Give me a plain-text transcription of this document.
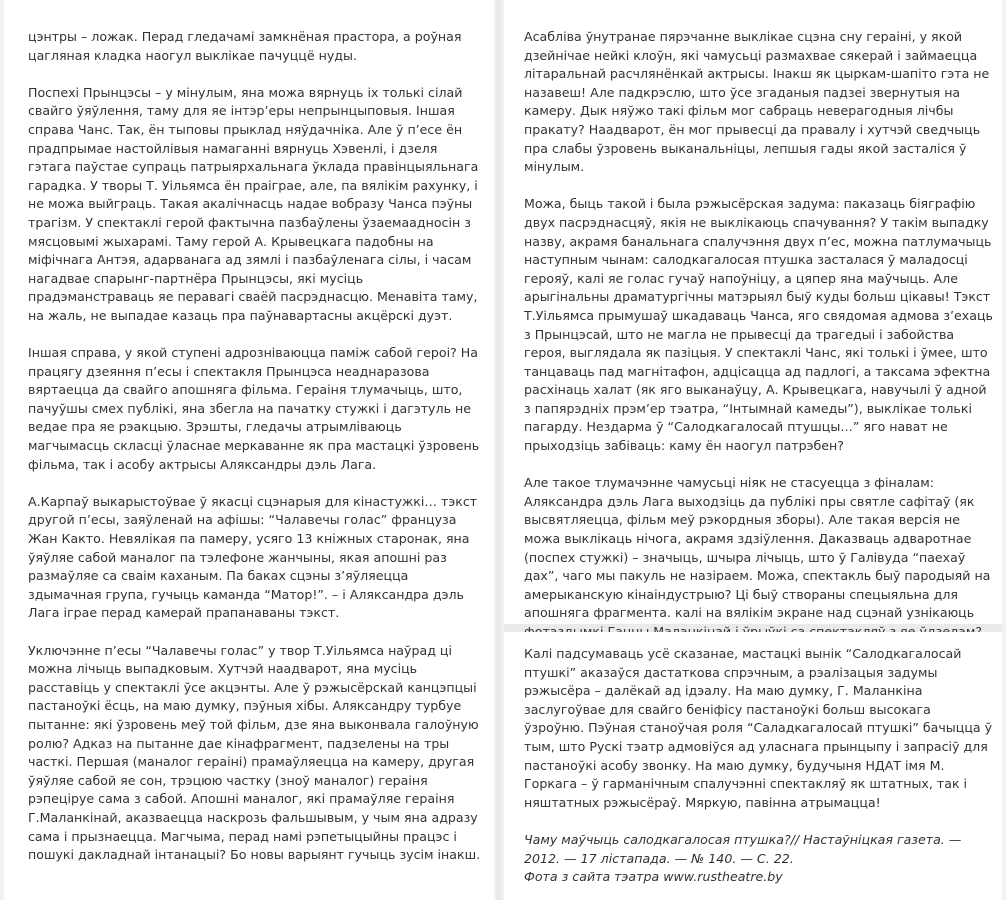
цэнтры – ложак. Перад гледачамі замкнёная прастора, а роўная цагляная кладка наогул выклікае пачуццё нуды.

Поспехі Прынцэсы – у мінулым, яна можа вярнуць іх толькі сілай свайго ўяўлення, таму для яе інтэр’еры непрынцыповыя. Іншая справа Чанс. Так, ён тыповы прыклад няўдачніка. Але ў п’есе ён прадпрымае настойлівыя намаганні вярнуць Хэвенлі, і дзеля гэтага паўстае супраць патрыярхальнага ўклада правінцыяльнага гарадка. У творы Т. Уільямса ён праіграе, але, па вялікім рахунку, і не можа выйграць. Такая акалічнасць надае вобразу Чанса пэўны трагізм. У спектаклі герой фактычна пазбаўлены ўзаемаадносін з мясцовымі жыхарамі. Таму герой А. Крывецкага падобны на міфічнага Антэя, адарванага ад зямлі і пазбаўленага сілы, і часам нагадвае спарынг-партнёра Прынцэсы, які мусіць прадэманстраваць яе перавагі сваёй пасрэднасцю. Менавіта таму, на жаль, не выпадае казаць пра паўнавартасны акцёрскі дуэт.

Іншая справа, у якой ступені адрозніваюцца паміж сабой героі? На працягу дзеяння п’есы і спектакля Прынцэса неаднаразова вяртаецца да свайго апошняга фільма. Гераіня тлумачыць, што, пачуўшы смех публікі, яна збегла на пачатку стужкі і дагэтуль не ведае пра яе рэакцыю. Зрэшты, гледачы атрымліваюць магчымасць скласці ўласнае меркаванне як пра мастацкі ўзровень фільма, так і асобу актрысы Аляксандры дэль Лага.

А.Карпаў выкарыстоўвае ў якасці сцэнарыя для кінастужкі… тэкст другой п’есы, заяўленай на афішы: “Чалавечы голас” француза Жан Както. Невялікая па памеру, усяго 13 кніжных старонак, яна ўяўляе сабой маналог па тэлефоне жанчыны, якая апошні раз размаўляе са сваім каханым. Па баках сцэны з’яўляецца здымачная група, гучыць каманда “Матор!”. – і Аляксандра дэль Лага іграе перад камерай прапанаваны тэкст.

Уключэнне п’есы “Чалавечы голас” у твор Т.Уільямса наўрад ці можна лічыць выпадковым. Хутчэй наадварот, яна мусіць расставіць у спектаклі ўсе акцэнты. Але ў рэжысёрскай канцэпцыі пастаноўкі ёсць, на маю думку, пэўныя хібы. Аляксандру турбуе пытанне: які ўзровень меў той фільм, дзе яна выконвала галоўную ролю? Адказ на пытанне дае кінафрагмент, падзелены на тры часткі. Першая (маналог гераіні) прамаўляецца на камеру, другая ўяўляе сабой яе сон, трэцюю частку (зноў маналог) гераіня рэпеціруе сама з сабой. Апошні маналог, які прамаўляе гераіня Г.Маланкінай, аказваецца наскрозь фальшывым, у чым яна адразу сама і прызнаецца. Магчыма, перад намі рэпетыцыйны працэс і пошукі дакладнай інтанацыі? Бо новы варыянт гучыць зусім інакш.

Асабліва ўнутранае пярэчанне выклікае сцэна сну гераіні, у якой дзейнічае нейкі клоўн, які чамусьці размахвае сякерай і займаецца літаральнай расчлянёнкай актрысы. Інакш як цыркам-шапіто гэта не назавеш! Але падкрэслю, што ўсе згаданыя падзеі звернутыя на камеру. Дык няўжо такі фільм мог сабраць неверагодныя лічбы пракату? Наадварот, ён мог прывесці да правалу і хутчэй сведчыць пра слабы ўзровень выканальніцы, лепшыя гады якой засталіся ў мінулым.

Можа, быць такой і была рэжысёрская задума: паказаць біяграфію двух пасрэднасцяў, якія не выклікаюць спачування? У такім выпадку назву, акрамя банальнага спалучэння двух п’ес, можна патлумачыць наступным чынам: салодкагалосая птушка засталася ў маладосці герояў, калі яе голас гучаў напоўніцу, а цяпер яна маўчыць. Але арыгінальны драматургічны матэрыял быў куды больш цікавы! Тэкст Т.Уільямса прымушаў шкадаваць Чанса, яго свядомая адмова з’ехаць з Прынцэсай, што не магла не прывесці да трагедыі і забойства героя, выглядала як пазіцыя. У спектаклі Чанс, які толькі і ўмее, што танцаваць пад магнітафон, адцісацца ад падлогі, а таксама эфектна расхінаць халат (як яго выканаўцу, А. Крывецкага, навучылі ў адной з папярэдніх прэм’ер тэатра, “Інтымнай камеды”), выклікае толькі пагарду. Нездарма ў “Салодкагалосай птушцы…” яго нават не прыходзіць забіваць: каму ён наогул патрэбен?

Але такое тлумачэнне чамусьці ніяк не стасуецца з фіналам: Аляксандра дэль Лага выходзіць да публікі пры святле сафітаў (як высвятляецца, фільм меў рэкордныя зборы). Але такая версія не можа выклікаць нічога, акрамя здзіўлення. Даказваць адваротнае (поспех стужкі) – значыць, шчыра лічыць, што ў Галівудa “паехаў дах”, чаго мы пакуль не назіраем. Можа, спектакль быў пародыяй на амерыканскую кінаіндустрыю? Ці быў створаны спецыяльна для апошняга фрагмента. калі на вялікім экране над сцэнай узнікаюць

Калі падсумаваць усё сказанае, мастацкі вынік “Салодкагалосай птушкі” аказаўся дастаткова спрэчным, а рэалізацыя задумы рэжысёра – далёкай ад ідэалу. На маю думку, Г. Маланкіна заслугоўвае для свайго беніфісу пастаноўкі больш высокага ўзроўню. Пэўная станоўчая роля “Саладкагалосай птушкі” бачыцца ў тым, што Рускі тэатр адмовіўся ад уласнага прынцыпу і запрасіў для пастаноўкі асобу звонку. На маю думку, будучыня НДАТ імя М. Горкага – ў гарманічным спалучэнні спектакляў як штатных, так і няштатных рэжысёраў. Мяркую, павінна атрымацца!

Чаму маўчыць салодкагалосая птушка?// Настаўніцкая газета. — 2012. — 17 лістапада. — № 140. — С. 22.

Фота з сайта тэатра www.rustheatre.by
